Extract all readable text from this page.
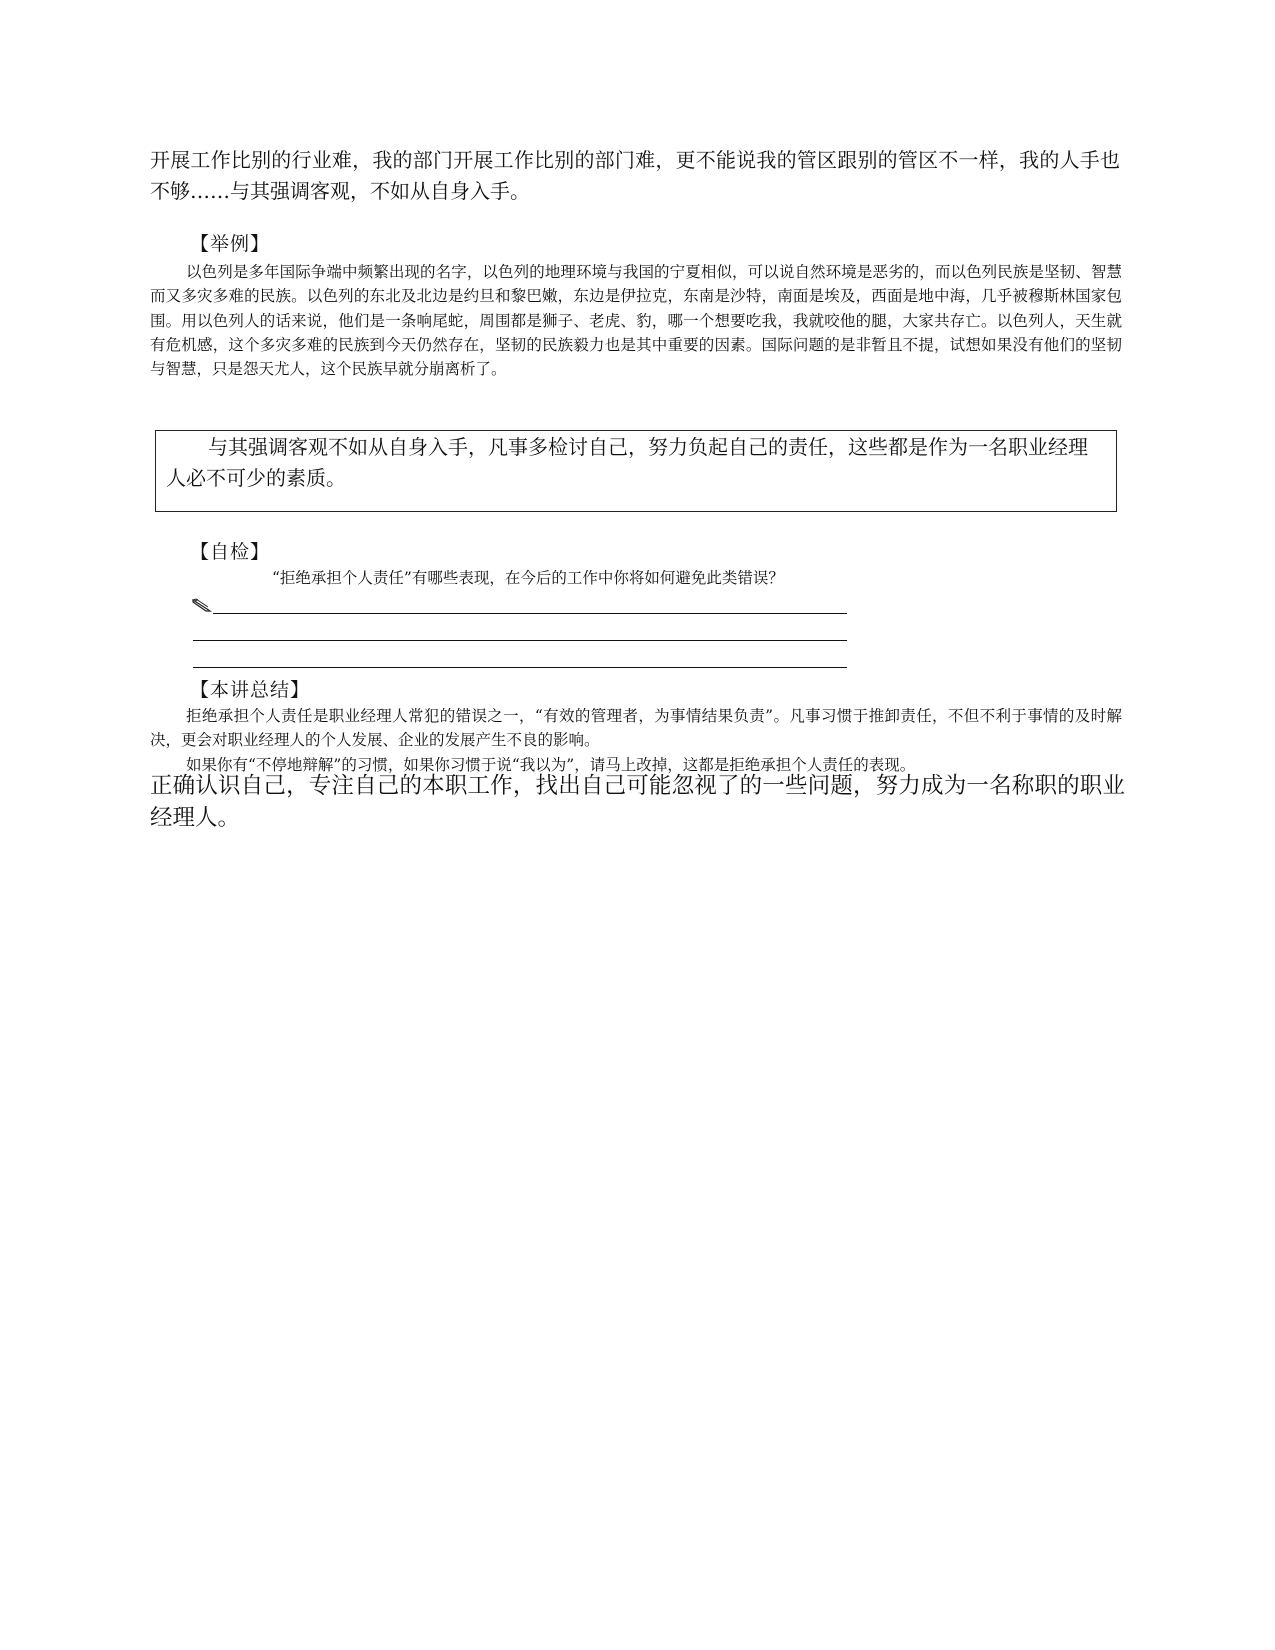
开展工作比别的行业难，我的部门开展工作比别的部门难，更不能说我的管区跟别的管区不一样，我的人手也不够……与其强调客观，不如从自身入手。

【举例】

以色列是多年国际争端中频繁出现的名字，以色列的地理环境与我国的宁夏相似，可以说自然环境是恶劣的，而以色列民族是坚韧、智慧而又多灾多难的民族。以色列的东北及北边是约旦和黎巴嫩，东边是伊拉克，东南是沙特，南面是埃及，西面是地中海，几乎被穆斯林国家包围。用以色列人的话来说，他们是一条响尾蛇，周围都是狮子、老虎、豹，哪一个想要吃我，我就咬他的腿，大家共存亡。以色列人，天生就有危机感，这个多灾多难的民族到今天仍然存在，坚韧的民族毅力也是其中重要的因素。国际问题的是非暂且不提，试想如果没有他们的坚韧与智慧，只是怨天尤人，这个民族早就分崩离析了。

与其强调客观不如从自身入手，凡事多检讨自己，努力负起自己的责任，这些都是作为一名职业经理人必不可少的素质。

【自检】
“拒绝承担个人责任”有哪些表现，在今后的工作中你将如何避免此类错误？
【本讲总结】

拒绝承担个人责任是职业经理人常犯的错误之一，“有效的管理者，为事情结果负责”。凡事习惯于推卸责任，不但不利于事情的及时解决，更会对职业经理人的个人发展、企业的发展产生不良的影响。

如果你有“不停地辩解”的习惯，如果你习惯于说“我以为”，请马上改掉，这都是拒绝承担个人责任的表现。

正确认识自己，专注自己的本职工作，找出自己可能忽视了的一些问题，努力成为一名称职的职业经理人。
